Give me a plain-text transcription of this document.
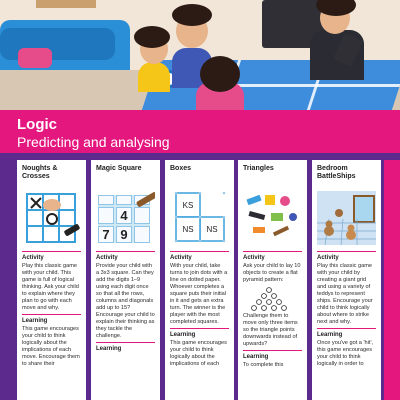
Logic
Predicting and analysing
Noughts & Crosses
Activity
Play this classic game with your child. This game is full of logical thinking. Ask your child to explain where they plan to go with each move and why.
Learning
This game encourages your child to think logically about the implications of each move. Encourage them to share their
Magic Square
4
7 9
Activity
Provide your child with a 3x3 square. Can they add the digits 1–9 using each digit once so that all the rows, columns and diagonals add up to 15? Encourage your child to explain their thinking as they tackle the challenge.
Learning
Boxes
KS
NS NS
Activity
With your child, take turns to join dots with a line on dotted paper. Whoever completes a square puts their initial in it and gets an extra turn. The winner is the player with the most completed squares.
Learning
This game encourages your child to think logically about the implications of each
Triangles
Activity
Ask your child to lay 10 objects to create a flat pyramid pattern:
Challenge them to move only three items so the triangle points downwards instead of upwards?
Learning
To complete this
Bedroom BattleShips
Activity
Play this classic game with your child by creating a giant grid and using a variety of teddys to represent ships. Encourage your child to think logically about where to strike next and why.
Learning
Once you've got a 'hit', this game encourages your child to think logically in order to
